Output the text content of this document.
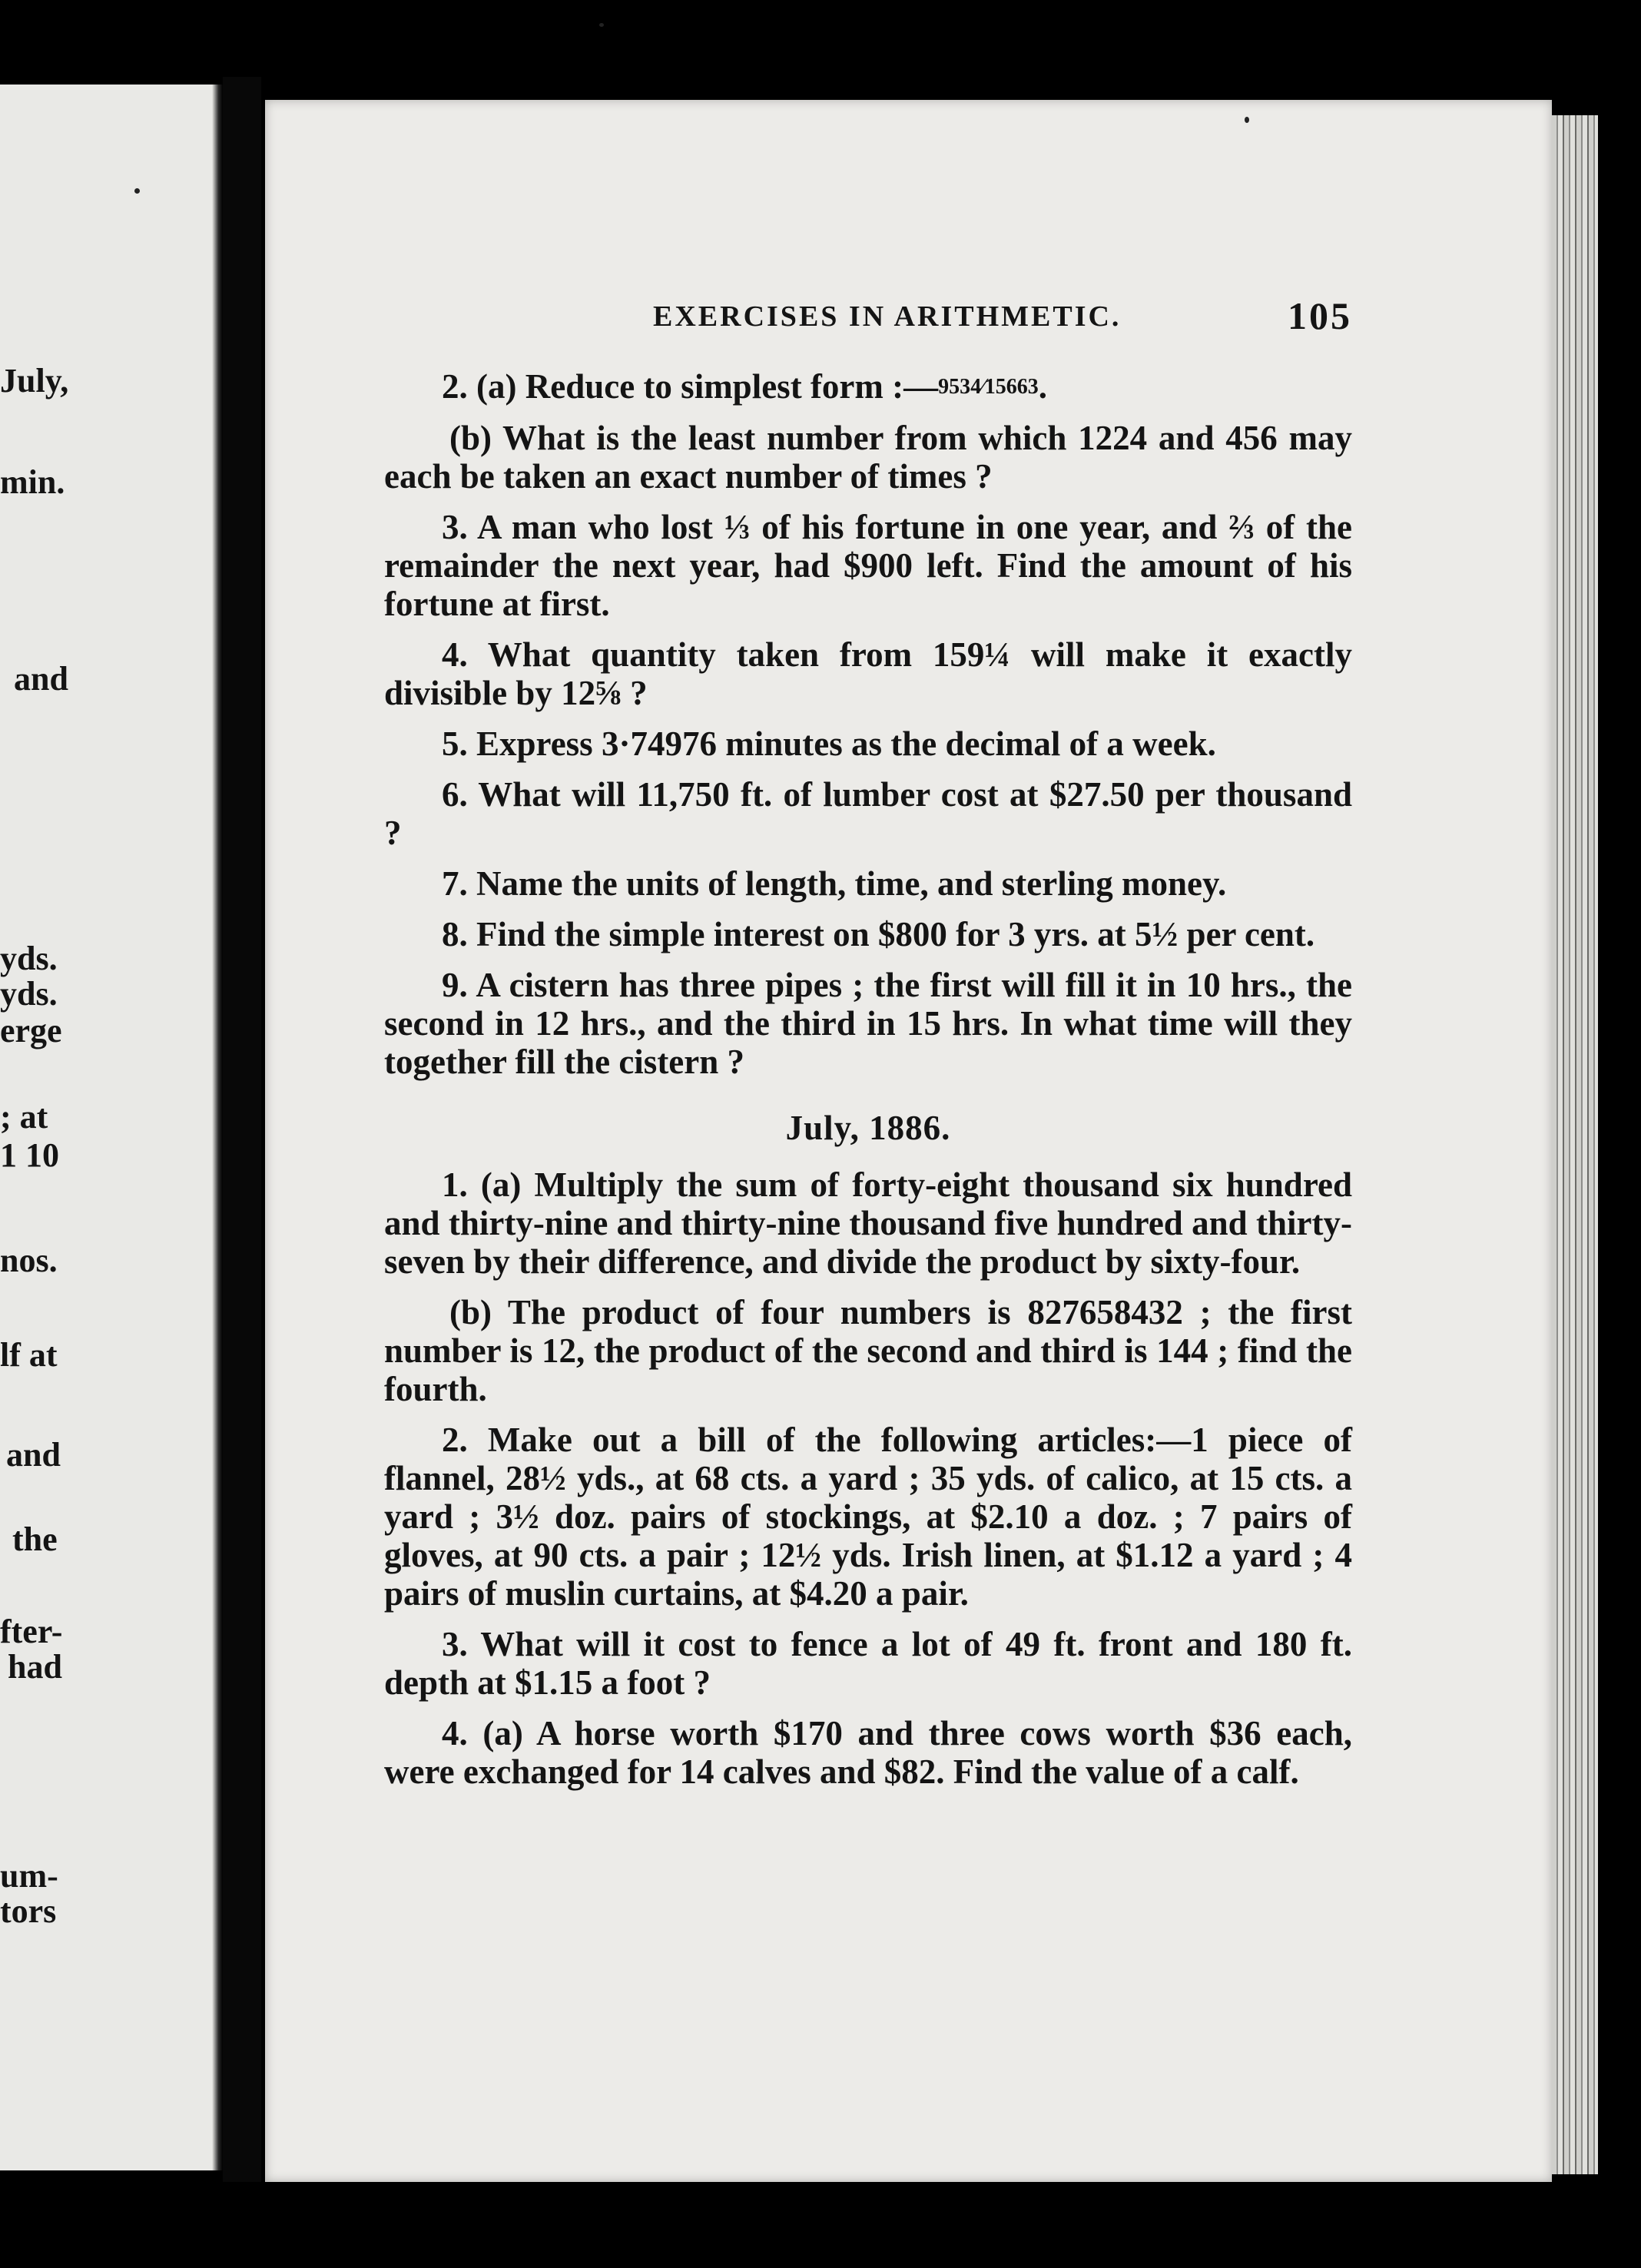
July,
min.
and
yds.
yds.
erge
; at
1 10
nos.
lf at
and
the
fter-
had
um-
tors
EXERCISES IN ARITHMETIC.	105

2. (a) Reduce to simplest form :—9534⁄15663.

(b) What is the least number from which 1224 and 456 may each be taken an exact number of times ?

3. A man who lost ⅓ of his fortune in one year, and ⅔ of the remainder the next year, had $900 left. Find the amount of his fortune at first.

4. What quantity taken from 159¼ will make it exactly divisible by 12⅝ ?

5. Express 3·74976 minutes as the decimal of a week.

6. What will 11,750 ft. of lumber cost at $27.50 per thousand ?

7. Name the units of length, time, and sterling money.

8. Find the simple interest on $800 for 3 yrs. at 5½ per cent.

9. A cistern has three pipes ; the first will fill it in 10 hrs., the second in 12 hrs., and the third in 15 hrs. In what time will they together fill the cistern ?

July, 1886.

1. (a) Multiply the sum of forty-eight thousand six hundred and thirty-nine and thirty-nine thousand five hundred and thirty-seven by their difference, and divide the product by sixty-four.

(b) The product of four numbers is 827658432 ; the first number is 12, the product of the second and third is 144 ; find the fourth.

2. Make out a bill of the following articles:—1 piece of flannel, 28½ yds., at 68 cts. a yard ; 35 yds. of calico, at 15 cts. a yard ; 3½ doz. pairs of stockings, at $2.10 a doz. ; 7 pairs of gloves, at 90 cts. a pair ; 12½ yds. Irish linen, at $1.12 a yard ; 4 pairs of muslin curtains, at $4.20 a pair.

3. What will it cost to fence a lot of 49 ft. front and 180 ft. depth at $1.15 a foot ?

4. (a) A horse worth $170 and three cows worth $36 each, were exchanged for 14 calves and $82. Find the value of a calf.
